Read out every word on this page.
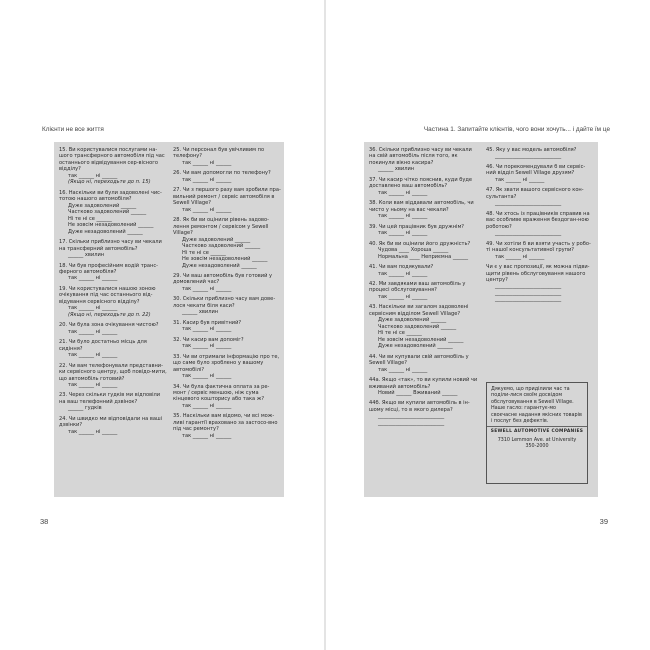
Клієнти не все життя
15. Ви користувалися послугами на-шого трансферного автомобіля під час останнього відвідування сер-вісного відділу?
так ______ ні ______
(Якщо ні, переходьте до п. 15)
16. Наскільки ви були задоволені чис-тотою нашого автомобіля?
Дуже задоволений ______
Частково задоволений ______
Ні те ні се ______
Не зовсім незадоволений ______
Дуже незадоволений ______
17. Скільки приблизно часу ви чекали на трансферний автомобіль?
______ хвилин
18. Чи був професійним водій транс-ферного автомобіля?
так ______ ні ______
19. Чи користувалися нашою зоною очікування під час останнього від-відування сервісного відділу?
так ______ ні ______
(Якщо ні, переходьте до п. 22)
20. Чи була зона очікування чистою?
так ______ ні ______
21. Чи було достатньо місць для сидіння?
так ______ ні ______
22. Чи вам телефонували представни-ки сервісного центру, щоб повідо-мити, що автомобіль готовий?
так ______ ні ______
23. Через скільки гудків ми відповіли на ваш телефонний дзвінок?
______ гудків
24. Чи швидко ми відповідали на ваші дзвінки?
так ______ ні ______
25. Чи персонал був увічливим по телефону?
так ______ ні ______
26. Чи вам допомогли по телефону?
так ______ ні ______
27. Чи з першого разу вам зробили пра-вильний ремонт / сервіс автомобіля в Sewell Village?
так ______ ні ______
28. Як би ви оцінили рівень задово-лення ремонтом / сервісом у Sewell Village?
Дуже задоволений ______
Частково задоволений ______
Ні те ні се ______
Не зовсім незадоволений ______
Дуже незадоволений ______
29. Чи ваш автомобіль був готовий у домовлений час?
так ______ ні ______
30. Скільки приблизно часу вам дове-лося чекати біля каси?
______ хвилин
31. Касир був привітний?
так ______ ні ______
32. Чи касир вам допоміг?
так ______ ні ______
33. Чи ви отримали інформацію про те, що саме було зроблено у вашому автомобілі?
так ______ ні ______
34. Чи була фактична оплата за ре-монт / сервіс меншою, ніж сума кінцевого кошторису або така ж?
так ______ ні ______
35. Наскільки вам відомо, чи всі мож-ливі гарантії враховано за застосо-вно під час ремонту?
так ______ ні ______
38
Частина 1. Запитайте клієнтів, чого вони хочуть... і дайте їм це
36. Скільки приблизно часу ви чекали на свій автомобіль після того, як покинули вікно касира?
______ хвилин
37. Чи касир чітко пояснив, куди буде доставлено ваш автомобіль?
так ______ ні ______
38. Коли вам віддавали автомобіль, чи чисто у ньому на вас чекали?
так ______ ні ______
39. Чи цей працівник був дружнім?
так ______ ні ______
40. Як би ви оцінили його дружність?
Чудова ____ Хороша ______
Нормальна ____ Неприємна ______
41. Чи вам подякували?
так ______ ні ______
42. Ми завдяками ваш автомобіль у процесі обслуговування?
так ______ ні ______
43. Наскільки ви загалом задоволені сервісним відділом Sewell Village?
Дуже задоволений ______
Частково задоволений ______
Ні те ні се ______
Не зовсім незадоволений ______
Дуже незадоволений ______
44. Чи ви купували свій автомобіль у Sewell Village?
так ______ ні ______
44а. Якщо «так», то ви купили новий чи вживаний автомобіль?
Новий ______ Вживаний ______
44б. Якщо ви купили автомобіль в ін-шому місці, то в якого дилера?
__________________________
__________________________
45. Яку у вас модель автомобіля?
__________________________
46. Чи порекомендували б ви сервіс-ний відділ Sewell Village друзям?
так ______ ні ______
47. Як звати вашого сервісного кон-сультанта?
__________________________
48. Чи хтось із працівників справив на вас особливе враження бездоган-ною роботою?
__________________________
49. Чи хотіли б ви взяти участь у робо-ті нашої консультативної групи?
так ______ ні ______
Чи є у вас пропозиції, як можна підви-щити рівень обслуговування нашого центру?
__________________________
__________________________
__________________________
Дякуємо, що приділили час та поділи-лися своїм досвідом обслуговування в Sewell Village. Наше гасло: гарантує-мо своєчасне надання якісних товарів і послуг без дефектів.
SEWELL AUTOMOTIVE COMPANIES
7310 Lemmon Ave. at University
350-2000
39
